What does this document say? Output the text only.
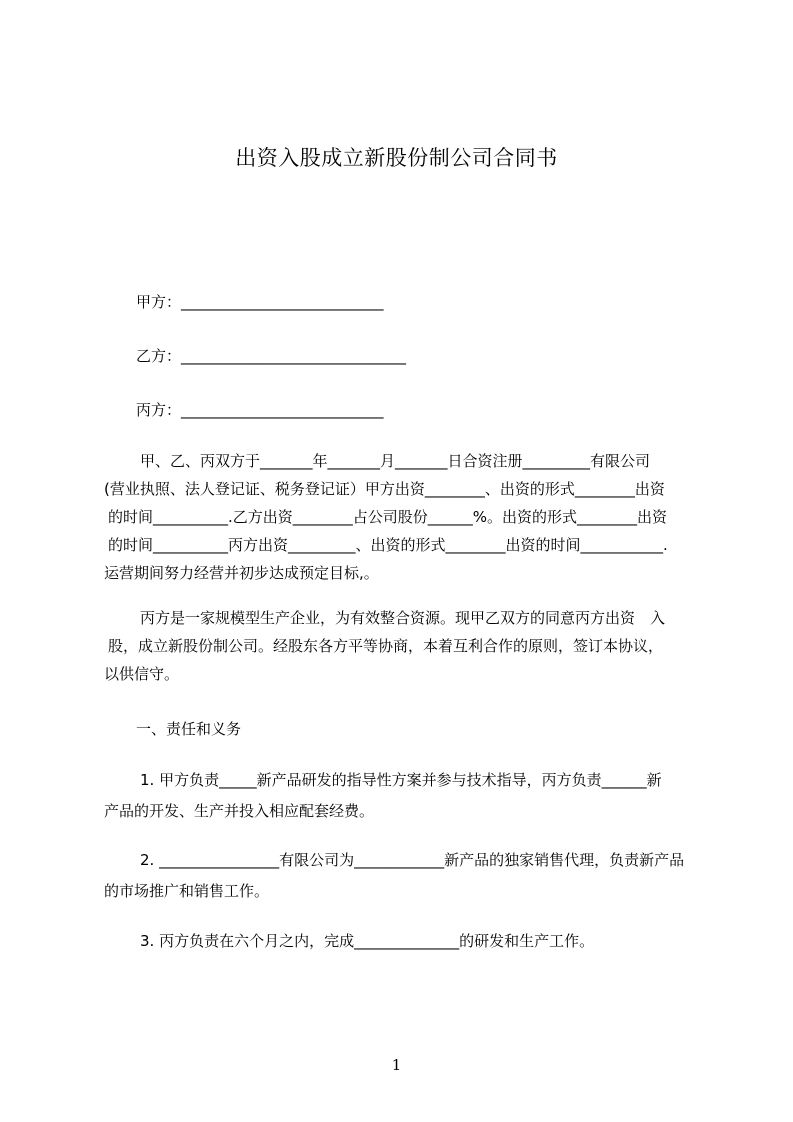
出资入股成立新股份制公司合同书
甲方：___________________________
乙方：______________________________
丙方：___________________________
甲、乙、丙双方于_______年_______月_______日合资注册_________有限公司
(营业执照、法人登记证、税务登记证）甲方出资________、出资的形式________出资
的时间__________.乙方出资________占公司股份______%。出资的形式________出资
的时间__________丙方出资_________、出资的形式________出资的时间___________.
运营期间努力经营并初步达成预定目标,。
丙方是一家规模型生产企业，为有效整合资源。现甲乙双方的同意丙方出资　入
股，成立新股份制公司。经股东各方平等协商，本着互利合作的原则，签订本协议，
以供信守。
一、责任和义务
1. 甲方负责_____新产品研发的指导性方案并参与技术指导，丙方负责______新
产品的开发、生产并投入相应配套经费。
2. ________________有限公司为____________新产品的独家销售代理，负责新产品
的市场推广和销售工作。
3. 丙方负责在六个月之内，完成______________的研发和生产工作。
1
